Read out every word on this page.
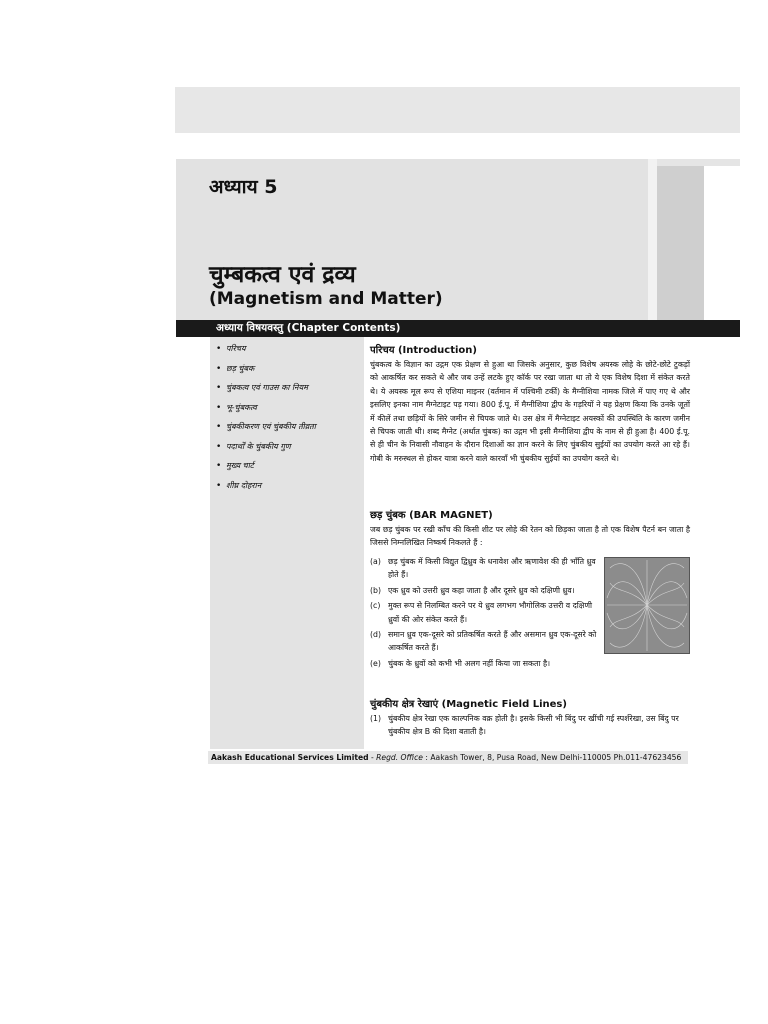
अध्याय 5
चुम्बकत्व एवं द्रव्य
(Magnetism and Matter)
अध्याय विषयवस्तु (Chapter Contents)
• परिचय
• छड़ चुंबक
• चुंबकत्व एवं गाउस का नियम
• भू-चुंबकत्व
• चुंबकीकरण एवं चुंबकीय तीव्रता
• पदार्थों के चुंबकीय गुण
• मुख्य चार्ट
• शीघ्र दोहरान

परिचय (Introduction)

चुंबकत्व के विज्ञान का उद्गम एक प्रेक्षण से हुआ था जिसके अनुसार, कुछ विशेष अयस्क लोहे के छोटे-छोटे टुकड़ों को आकर्षित कर सकते थे और जब उन्हें लटके हुए कॉर्क पर रखा जाता था तो ये एक विशेष दिशा में संकेत करते थे। ये अयस्क मूल रूप से एशिया माइनर (वर्तमान में पश्चिमी टर्की) के मैग्नीशिया नामक जिले में पाए गए थे और इसलिए इनका नाम मैग्नेटाइट पड़ गया। 800 ई.पू. में मैग्नीशिया द्वीप के गड़रियों ने यह प्रेक्षण किया कि उनके जूतों में कीलें तथा छड़ियों के सिरे जमीन से चिपक जाते थे। उस क्षेत्र में मैग्नेटाइट अयस्कों की उपस्थिति के कारण जमीन से चिपक जाती थी। शब्द मैग्नेट (अर्थात चुंबक) का उद्गम भी इसी मैग्नीशिया द्वीप के नाम से ही हुआ है। 400 ई.पू. से ही चीन के निवासी नौवाहन के दौरान दिशाओं का ज्ञान करने के लिए चुंबकीय सुईयों का उपयोग करते आ रहे हैं। गोबी के मरुस्थल से होकर यात्रा करने वाले कारवाँ भी चुंबकीय सुईयों का उपयोग करते थे।

छड़ चुंबक (BAR MAGNET)

जब छड़ चुंबक पर रखी काँच की किसी शीट पर लोहे की रेतन को छिड़का जाता है तो एक विशेष पैटर्न बन जाता है जिससे निम्नलिखित निष्कर्ष निकलते हैं :

(a) छड़ चुंबक में किसी विद्युत द्विध्रुव के धनावेश और ऋणावेश की ही भाँति ध्रुव होते हैं।
(b) एक ध्रुव को उत्तरी ध्रुव कहा जाता है और दूसरे ध्रुव को दक्षिणी ध्रुव।
(c) मुक्त रूप से निलम्बित करने पर ये ध्रुव लगभग भौगोलिक उत्तरी व दक्षिणी ध्रुवों की ओर संकेत करते हैं।
(d) समान ध्रुव एक-दूसरे को प्रतिकर्षित करते हैं और असमान ध्रुव एक-दूसरे को आकर्षित करते हैं।
(e) चुंबक के ध्रुवों को कभी भी अलग नहीं किया जा सकता है।

चुंबकीय क्षेत्र रेखाएं (Magnetic Field Lines)

(1) चुंबकीय क्षेत्र रेखा एक काल्पनिक वक्र होती है। इसके किसी भी बिंदु पर खींची गई स्पर्शरेखा, उस बिंदु पर चुंबकीय क्षेत्र B की दिशा बताती है।
Aakash Educational Services Limited - Regd. Office : Aakash Tower, 8, Pusa Road, New Delhi-110005 Ph.011-47623456
